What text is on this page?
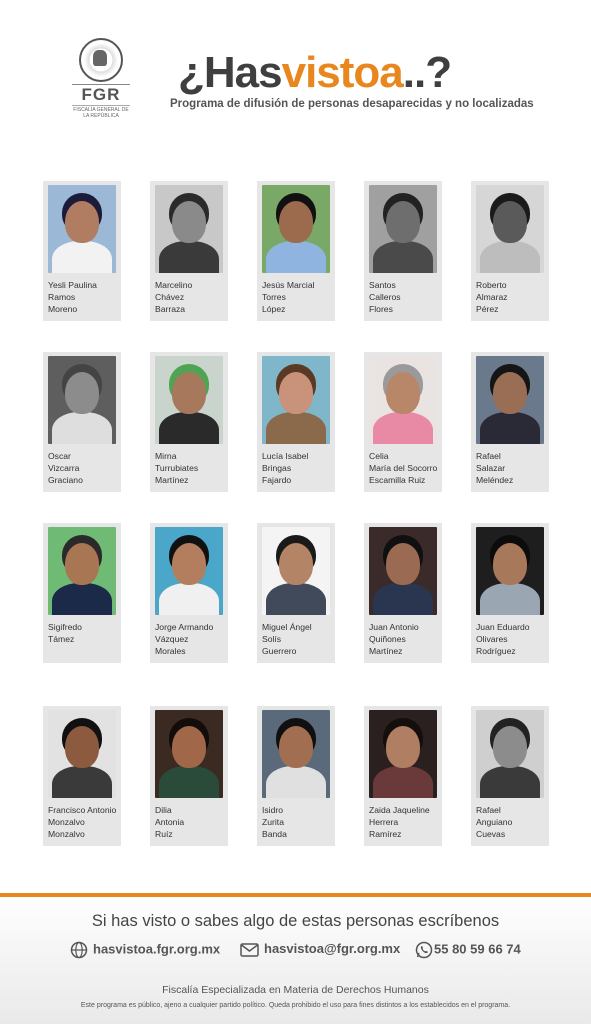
FGR
FISCALÍA GENERAL DE LA REPÚBLICA
¿Hasvistoa..?
Programa de difusión de personas desaparecidas y no localizadas
Yesli Paulina
Ramos
Moreno
Marcelino
Chávez
Barraza
Jesús Marcial
Torres
López
Santos
Calleros
Flores
Roberto
Almaraz
Pérez
Oscar
Vizcarra
Graciano
Mirna
Turrubiates
Martínez
Lucía Isabel
Bringas
Fajardo
Celia
María del Socorro
Escamilla Ruiz
Rafael
Salazar
Meléndez
Sigifredo
Támez
Jorge Armando
Vázquez
Morales
Miguel Ángel
Solís
Guerrero
Juan Antonio
Quiñones
Martínez
Juan Eduardo
Olivares
Rodríguez
Francisco Antonio
Monzalvo
Monzalvo
Dilia
Antonia
Ruíz
Isidro
Zurita
Banda
Zaida Jaqueline
Herrera
Ramírez
Rafael
Anguiano
Cuevas
Si has visto o sabes algo de estas personas escríbenos
hasvistoa.fgr.org.mx	hasvistoa@fgr.org.mx	55 80 59 66 74
Fiscalía Especializada en Materia de Derechos Humanos
Este programa es público, ajeno a cualquier partido político. Queda prohibido el uso para fines distintos a los establecidos en el programa.
